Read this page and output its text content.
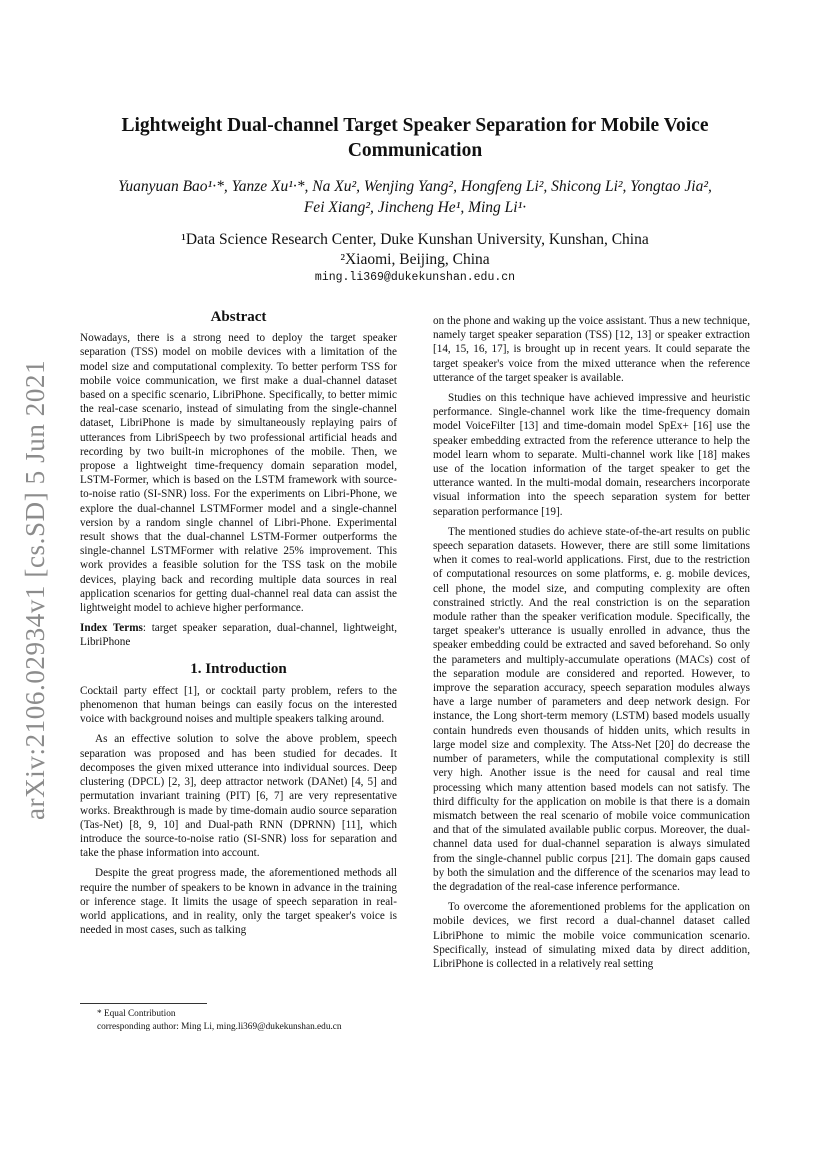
arXiv:2106.02934v1 [cs.SD] 5 Jun 2021
Lightweight Dual-channel Target Speaker Separation for Mobile Voice Communication
Yuanyuan Bao¹·*, Yanze Xu¹·*, Na Xu², Wenjing Yang², Hongfeng Li², Shicong Li², Yongtao Jia²,
Fei Xiang², Jincheng He¹, Ming Li¹·
¹Data Science Research Center, Duke Kunshan University, Kunshan, China
²Xiaomi, Beijing, China
ming.li369@dukekunshan.edu.cn
Abstract

Nowadays, there is a strong need to deploy the target speaker separation (TSS) model on mobile devices with a limitation of the model size and computational complexity. To better perform TSS for mobile voice communication, we first make a dual-channel dataset based on a specific scenario, LibriPhone. Specifically, to better mimic the real-case scenario, instead of simulating from the single-channel dataset, LibriPhone is made by simultaneously replaying pairs of utterances from LibriSpeech by two professional artificial heads and recording by two built-in microphones of the mobile. Then, we propose a lightweight time-frequency domain separation model, LSTM-Former, which is based on the LSTM framework with source-to-noise ratio (SI-SNR) loss. For the experiments on Libri-Phone, we explore the dual-channel LSTMFormer model and a single-channel version by a random single channel of Libri-Phone. Experimental result shows that the dual-channel LSTM-Former outperforms the single-channel LSTMFormer with relative 25% improvement. This work provides a feasible solution for the TSS task on the mobile devices, playing back and recording multiple data sources in real application scenarios for getting dual-channel real data can assist the lightweight model to achieve higher performance.

Index Terms: target speaker separation, dual-channel, lightweight, LibriPhone

1. Introduction

Cocktail party effect [1], or cocktail party problem, refers to the phenomenon that human beings can easily focus on the interested voice with background noises and multiple speakers talking around.

As an effective solution to solve the above problem, speech separation was proposed and has been studied for decades. It decomposes the given mixed utterance into individual sources. Deep clustering (DPCL) [2, 3], deep attractor network (DANet) [4, 5] and permutation invariant training (PIT) [6, 7] are very representative works. Breakthrough is made by time-domain audio source separation (Tas-Net) [8, 9, 10] and Dual-path RNN (DPRNN) [11], which introduce the source-to-noise ratio (SI-SNR) loss for separation and take the phase information into account.

Despite the great progress made, the aforementioned methods all require the number of speakers to be known in advance in the training or inference stage. It limits the usage of speech separation in real-world applications, and in reality, only the target speaker's voice is needed in most cases, such as talking

on the phone and waking up the voice assistant. Thus a new technique, namely target speaker separation (TSS) [12, 13] or speaker extraction [14, 15, 16, 17], is brought up in recent years. It could separate the target speaker's voice from the mixed utterance when the reference utterance of the target speaker is available.

Studies on this technique have achieved impressive and heuristic performance. Single-channel work like the time-frequency domain model VoiceFilter [13] and time-domain model SpEx+ [16] use the speaker embedding extracted from the reference utterance to help the model learn whom to separate. Multi-channel work like [18] makes use of the location information of the target speaker to get the utterance wanted. In the multi-modal domain, researchers incorporate visual information into the speech separation system for better separation performance [19].

The mentioned studies do achieve state-of-the-art results on public speech separation datasets. However, there are still some limitations when it comes to real-world applications. First, due to the restriction of computational resources on some platforms, e. g. mobile devices, cell phone, the model size, and computing complexity are often constrained strictly. And the real constriction is on the separation module rather than the speaker verification module. Specifically, the target speaker's utterance is usually enrolled in advance, thus the speaker embedding could be extracted and saved beforehand. So only the parameters and multiply-accumulate operations (MACs) cost of the separation module are considered and reported. However, to improve the separation accuracy, speech separation modules always have a large number of parameters and deep network design. For instance, the Long short-term memory (LSTM) based models usually contain hundreds even thousands of hidden units, which results in large model size and complexity. The Atss-Net [20] do decrease the number of parameters, while the computational complexity is still very high. Another issue is the need for causal and real time processing which many attention based models can not satisfy. The third difficulty for the application on mobile is that there is a domain mismatch between the real scenario of mobile voice communication and that of the simulated available public corpus. Moreover, the dual-channel data used for dual-channel separation is always simulated from the single-channel public corpus [21]. The domain gaps caused by both the simulation and the difference of the scenarios may lead to the degradation of the real-case inference performance.

To overcome the aforementioned problems for the application on mobile devices, we first record a dual-channel dataset called LibriPhone to mimic the mobile voice communication scenario. Specifically, instead of simulating mixed data by direct addition, LibriPhone is collected in a relatively real setting

* Equal Contribution
corresponding author: Ming Li, ming.li369@dukekunshan.edu.cn
